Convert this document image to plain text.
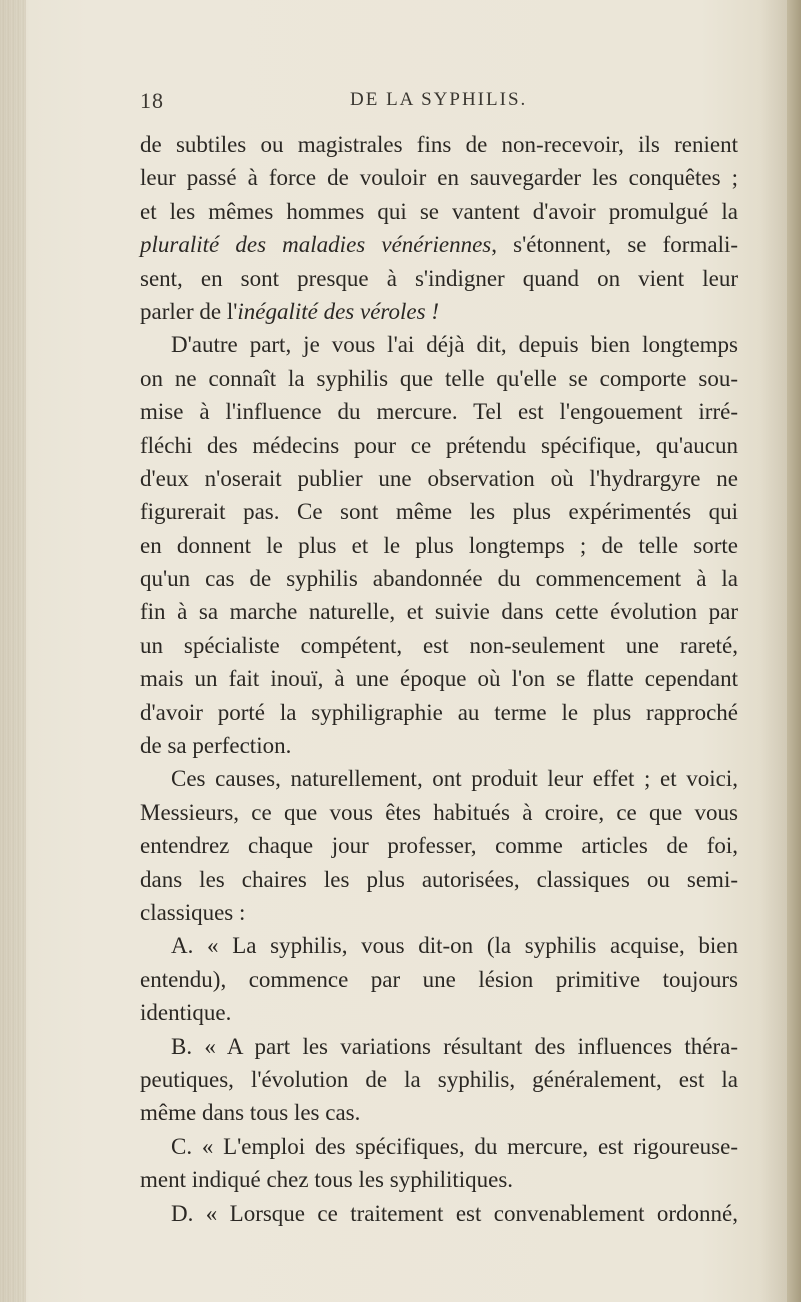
18	DE LA SYPHILIS.
de subtiles ou magistrales fins de non-recevoir, ils renient
leur passé à force de vouloir en sauvegarder les conquêtes ;
et les mêmes hommes qui se vantent d'avoir promulgué la
pluralité des maladies vénériennes, s'étonnent, se formali-
sent, en sont presque à s'indigner quand on vient leur
parler de l'inégalité des véroles !
D'autre part, je vous l'ai déjà dit, depuis bien longtemps
on ne connaît la syphilis que telle qu'elle se comporte sou-
mise à l'influence du mercure. Tel est l'engouement irré-
fléchi des médecins pour ce prétendu spécifique, qu'aucun
d'eux n'oserait publier une observation où l'hydrargyre ne
figurerait pas. Ce sont même les plus expérimentés qui
en donnent le plus et le plus longtemps ; de telle sorte
qu'un cas de syphilis abandonnée du commencement à la
fin à sa marche naturelle, et suivie dans cette évolution par
un spécialiste compétent, est non-seulement une rareté,
mais un fait inouï, à une époque où l'on se flatte cependant
d'avoir porté la syphiligraphie au terme le plus rapproché
de sa perfection.
Ces causes, naturellement, ont produit leur effet ; et voici,
Messieurs, ce que vous êtes habitués à croire, ce que vous
entendrez chaque jour professer, comme articles de foi,
dans les chaires les plus autorisées, classiques ou semi-
classiques :
A. « La syphilis, vous dit-on (la syphilis acquise, bien
entendu), commence par une lésion primitive toujours
identique.
B. « A part les variations résultant des influences théra-
peutiques, l'évolution de la syphilis, généralement, est la
même dans tous les cas.
C. « L'emploi des spécifiques, du mercure, est rigoureuse-
ment indiqué chez tous les syphilitiques.
D. « Lorsque ce traitement est convenablement ordonné,
